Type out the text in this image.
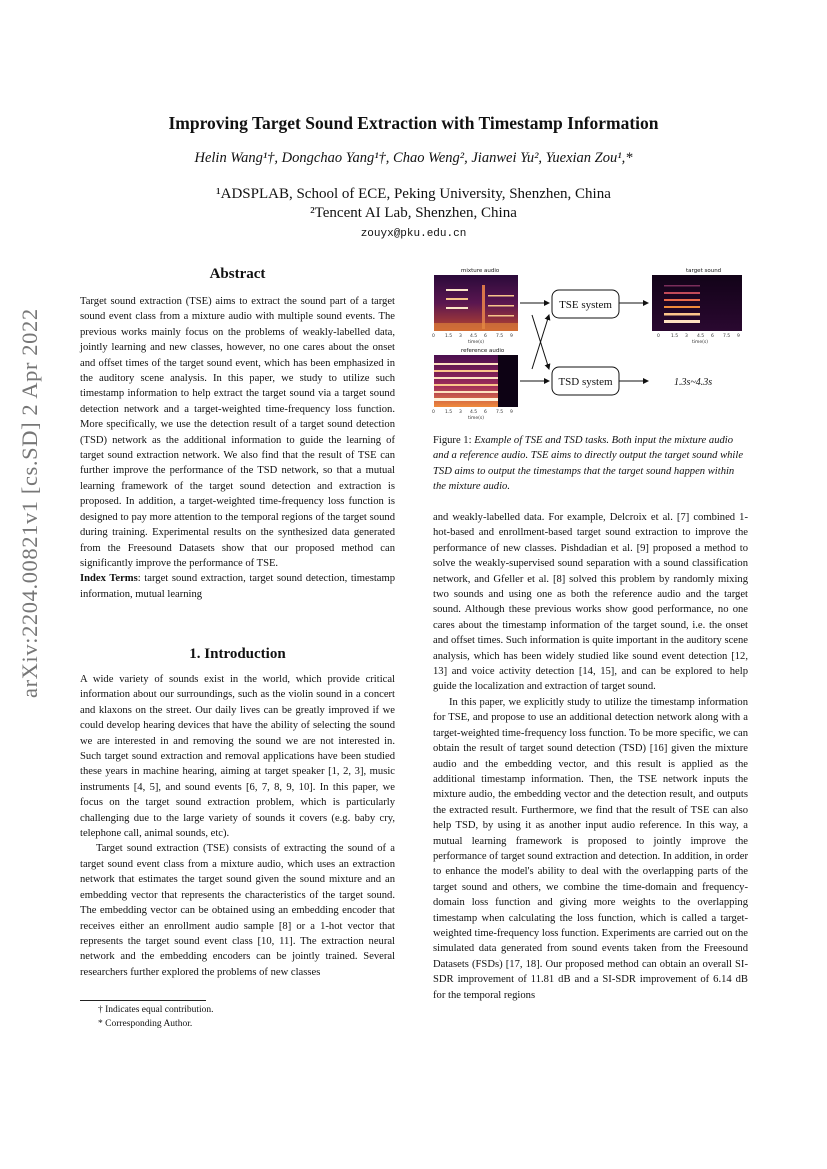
Improving Target Sound Extraction with Timestamp Information
Helin Wang¹†, Dongchao Yang¹†, Chao Weng², Jianwei Yu², Yuexian Zou¹,*
¹ADSPLAB, School of ECE, Peking University, Shenzhen, China
²Tencent AI Lab, Shenzhen, China
zouyx@pku.edu.cn
arXiv:2204.00821v1 [cs.SD] 2 Apr 2022
Abstract

Target sound extraction (TSE) aims to extract the sound part of a target sound event class from a mixture audio with multiple sound events. The previous works mainly focus on the problems of weakly-labelled data, jointly learning and new classes, however, no one cares about the onset and offset times of the target sound event, which has been emphasized in the auditory scene analysis. In this paper, we study to utilize such timestamp information to help extract the target sound via a target sound detection network and a target-weighted time-frequency loss function. More specifically, we use the detection result of a target sound detection (TSD) network as the additional information to guide the learning of target sound extraction network. We also find that the result of TSE can further improve the performance of the TSD network, so that a mutual learning framework of the target sound detection and extraction is proposed. In addition, a target-weighted time-frequency loss function is designed to pay more attention to the temporal regions of the target sound during training. Experimental results on the synthesized data generated from the Freesound Datasets show that our proposed method can significantly improve the performance of TSE.

Index Terms: target sound extraction, target sound detection, timestamp information, mutual learning

1. Introduction

A wide variety of sounds exist in the world, which provide critical information about our surroundings, such as the violin sound in a concert and klaxons on the street. Our daily lives can be greatly improved if we could develop hearing devices that have the ability of selecting the sound we are interested in and removing the sound we are not interested in. Such target sound extraction and removal applications have been studied these years in machine hearing, aiming at target speaker [1, 2, 3], music instruments [4, 5], and sound events [6, 7, 8, 9, 10]. In this paper, we focus on the target sound extraction problem, which is particularly challenging due to the large variety of sounds it covers (e.g. baby cry, telephone call, animal sounds, etc).

Target sound extraction (TSE) consists of extracting the sound of a target sound event class from a mixture audio, which uses an extraction network that estimates the target sound given the sound mixture and an embedding vector that represents the characteristics of the target sound. The embedding vector can be obtained using an embedding encoder that receives either an enrollment audio sample [8] or a 1-hot vector that represents the target sound event class [10, 11]. The extraction neural network and the embedding encoders can be jointly trained. Several researchers further explored the problems of new classes

† Indicates equal contribution.
* Corresponding Author.
mixture audio
0 1.5 3 4.5 6 7.5 9
time(s)
reference audio
0 1.5 3 4.5 6 7.5 9
time(s)
TSE system
TSD system
target sound
0 1.5 3 4.5 6 7.5 9
time(s)
1.3s~4.3s
Figure 1: Example of TSE and TSD tasks. Both input the mixture audio and a reference audio. TSE aims to directly output the target sound while TSD aims to output the timestamps that the target sound happen within the mixture audio.

and weakly-labelled data. For example, Delcroix et al. [7] combined 1-hot-based and enrollment-based target sound extraction to improve the performance of new classes. Pishdadian et al. [9] proposed a method to solve the weakly-supervised sound separation with a sound classification network, and Gfeller et al. [8] solved this problem by randomly mixing two sounds and using one as both the reference audio and the target sound. Although these previous works show good performance, no one cares about the timestamp information of the target sound, i.e. the onset and offset times. Such information is quite important in the auditory scene analysis, which has been widely studied like sound event detection [12, 13] and voice activity detection [14, 15], and can be explored to help guide the localization and extraction of target sound.

In this paper, we explicitly study to utilize the timestamp information for TSE, and propose to use an additional detection network along with a target-weighted time-frequency loss function. To be more specific, we can obtain the result of target sound detection (TSD) [16] given the mixture audio and the embedding vector, and this result is applied as the additional timestamp information. Then, the TSE network inputs the mixture audio, the embedding vector and the detection result, and outputs the extracted result. Furthermore, we find that the result of TSE can also help TSD, by using it as another input audio reference. In this way, a mutual learning framework is proposed to jointly improve the performance of target sound extraction and detection. In addition, in order to enhance the model's ability to deal with the overlapping parts of the target sound and others, we combine the time-domain and frequency-domain loss function and giving more weights to the overlapping timestamp when calculating the loss function, which is called a target-weighted time-frequency loss function. Experiments are carried out on the simulated data generated from sound events taken from the Freesound Datasets (FSDs) [17, 18]. Our proposed method can obtain an overall SI-SDR improvement of 11.81 dB and a SI-SDR improvement of 6.14 dB for the temporal regions
